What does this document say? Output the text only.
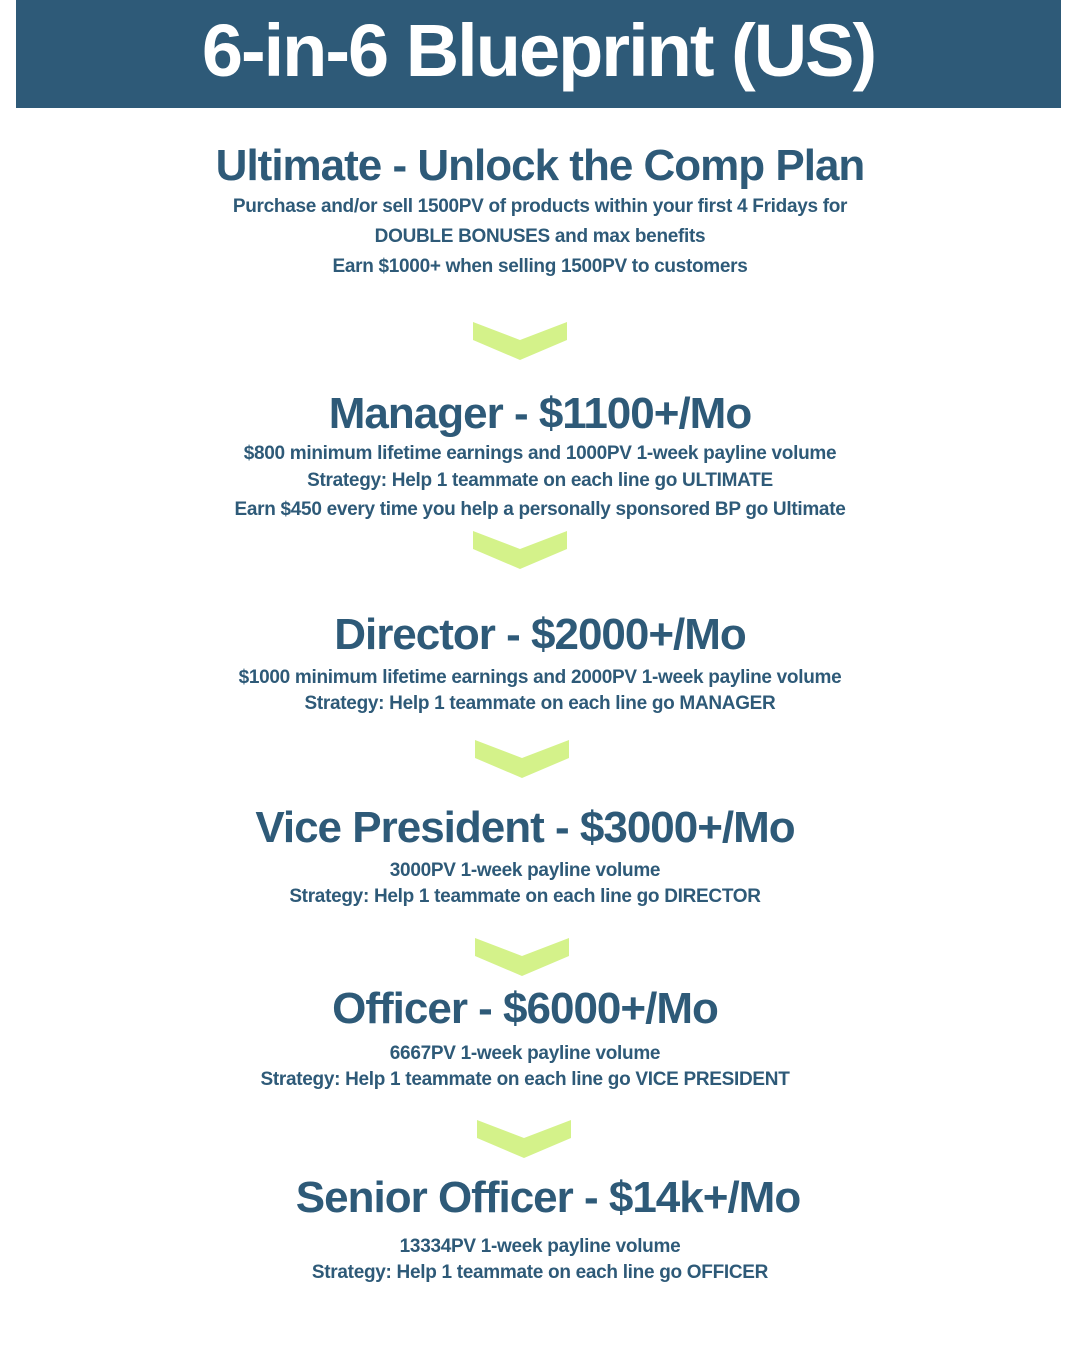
6-in-6 Blueprint (US)
Ultimate - Unlock the Comp Plan
Purchase and/or sell 1500PV of products within your first 4 Fridays for
DOUBLE BONUSES and max benefits
Earn $1000+ when selling 1500PV to customers
Manager - $1100+/Mo
$800 minimum lifetime earnings and 1000PV 1-week payline volume
Strategy: Help 1 teammate on each line go ULTIMATE
Earn $450 every time you help a personally sponsored BP go Ultimate
Director - $2000+/Mo
$1000 minimum lifetime earnings and 2000PV 1-week payline volume
Strategy: Help 1 teammate on each line go MANAGER
Vice President - $3000+/Mo
3000PV 1-week payline volume
Strategy: Help 1 teammate on each line go DIRECTOR
Officer - $6000+/Mo
6667PV 1-week payline volume
Strategy: Help 1 teammate on each line go VICE PRESIDENT
Senior Officer - $14k+/Mo
13334PV 1-week payline volume
Strategy: Help 1 teammate on each line go OFFICER
